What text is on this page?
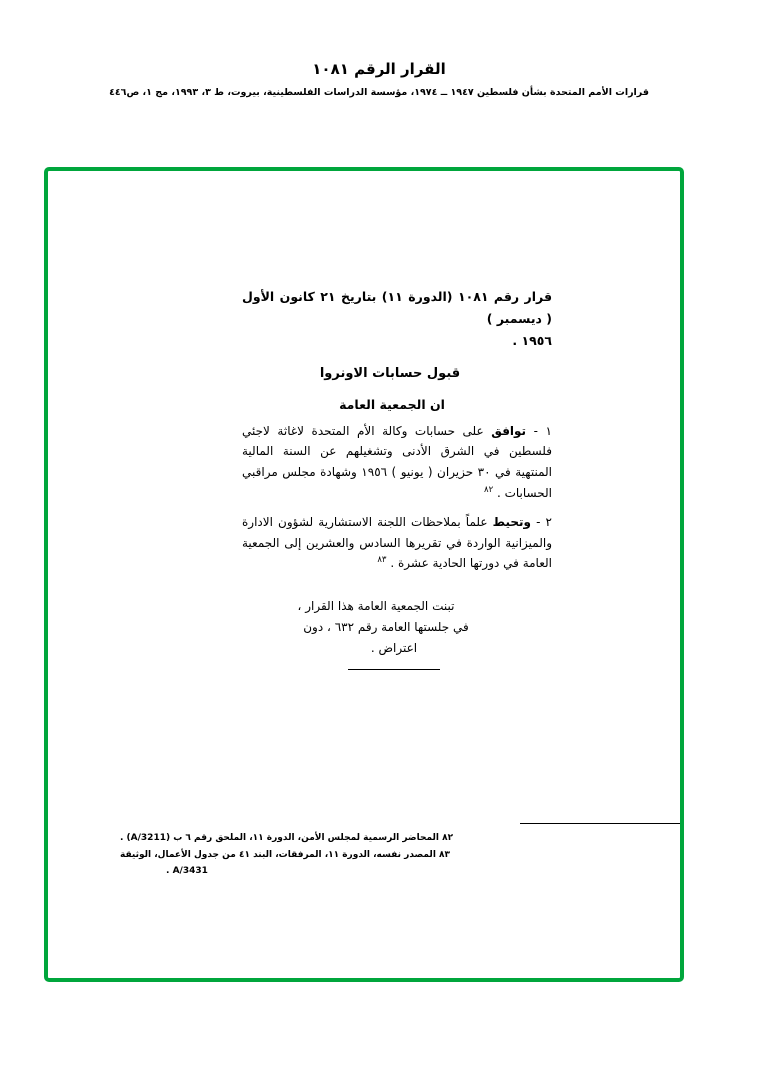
القرار الرقم ١٠٨١
قرارات الأمم المتحدة بشأن فلسطين ١٩٤٧ ــ ١٩٧٤، مؤسسة الدراسات الفلسطينية، بيروت، ط ٣، ١٩٩٣، مج ١، ص٤٤٦
قرار رقم ١٠٨١ (الدورة ١١) بتاريخ ٢١ كانون الأول ( ديسمبر )
١٩٥٦ .
قبول حسابات الاونروا
ان الجمعية العامة
١ - توافق على حسابات وكالة الأم المتحدة لاغاثة لاجئي فلسطين في الشرق الأدنى وتشغيلهم عن السنة المالية المنتهية في ٣٠ حزيران ( يونيو ) ١٩٥٦ وشهادة مجلس مراقبي الحسابات . $^{٨٢}$
٢ - وتحيط علماً بملاحظات اللجنة الاستشارية لشؤون الادارة والميزانية الواردة في تقريرها السادس والعشرين إلى الجمعية العامة في دورتها الحادية عشرة . $^{٨٣}$
تبنت الجمعية العامة هذا القرار ،
في جلستها العامة رقم ٦٣٢ ، دون
اعتراض .
٨٢ المحاضر الرسمية لمجلس الأمن، الدورة ١١، الملحق رقم ٦ ب (A/3211) .
٨٣ المصدر نفسه، الدورة ١١، المرفقات، البند ٤١ من جدول الأعمال، الوثيقة
A/3431 .
